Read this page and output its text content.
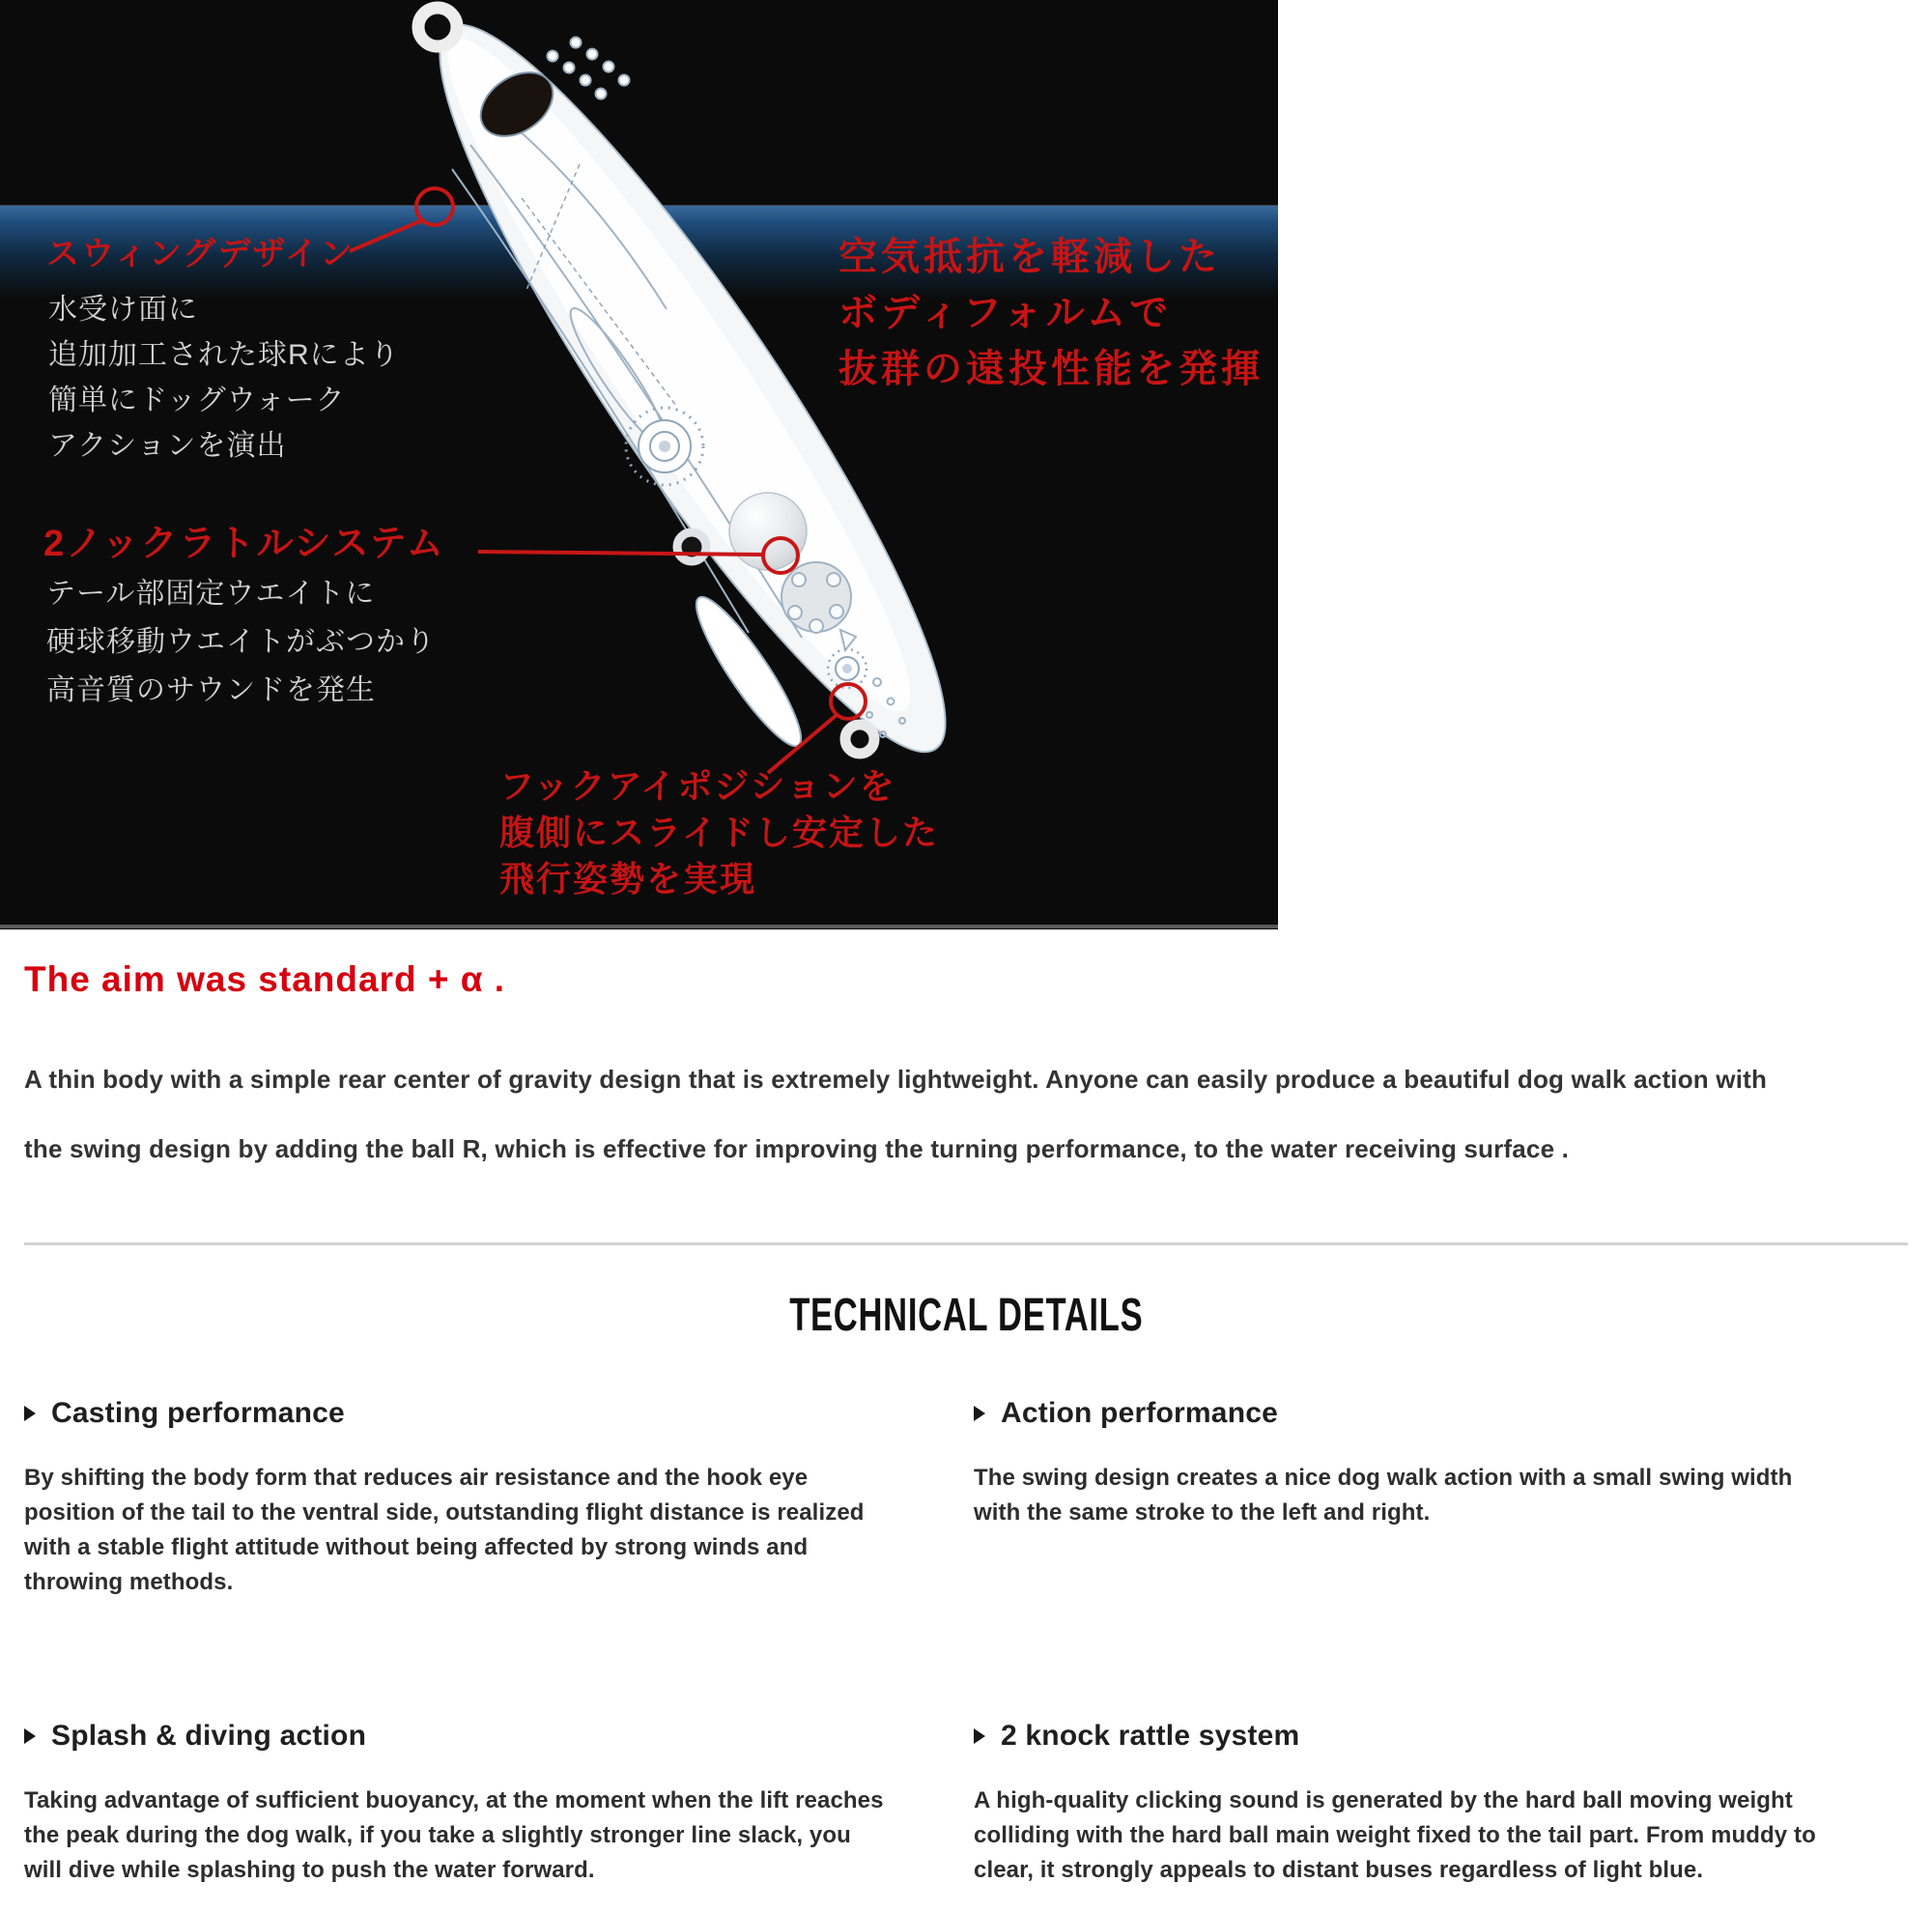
スウィングデザイン
水受け面に
追加加工された球Rにより
簡単にドッグウォーク
アクションを演出
空気抵抗を軽減した
ボディフォルムで
抜群の遠投性能を発揮
2ノックラトルシステム
テール部固定ウエイトに
硬球移動ウエイトがぶつかり
高音質のサウンドを発生
フックアイポジションを
腹側にスライドし安定した
飛行姿勢を実現
The aim was standard + α .
A thin body with a simple rear center of gravity design that is extremely lightweight. Anyone can easily produce a beautiful dog walk action with
the swing design by adding the ball R, which is effective for improving the turning performance, to the water receiving surface .
TECHNICAL DETAILS
Casting performance
By shifting the body form that reduces air resistance and the hook eye
position of the tail to the ventral side, outstanding flight distance is realized
with a stable flight attitude without being affected by strong winds and
throwing methods.
Action performance
The swing design creates a nice dog walk action with a small swing width
with the same stroke to the left and right.
Splash & diving action
Taking advantage of sufficient buoyancy, at the moment when the lift reaches
the peak during the dog walk, if you take a slightly stronger line slack, you
will dive while splashing to push the water forward.
2 knock rattle system
A high-quality clicking sound is generated by the hard ball moving weight
colliding with the hard ball main weight fixed to the tail part. From muddy to
clear, it strongly appeals to distant buses regardless of light blue.
